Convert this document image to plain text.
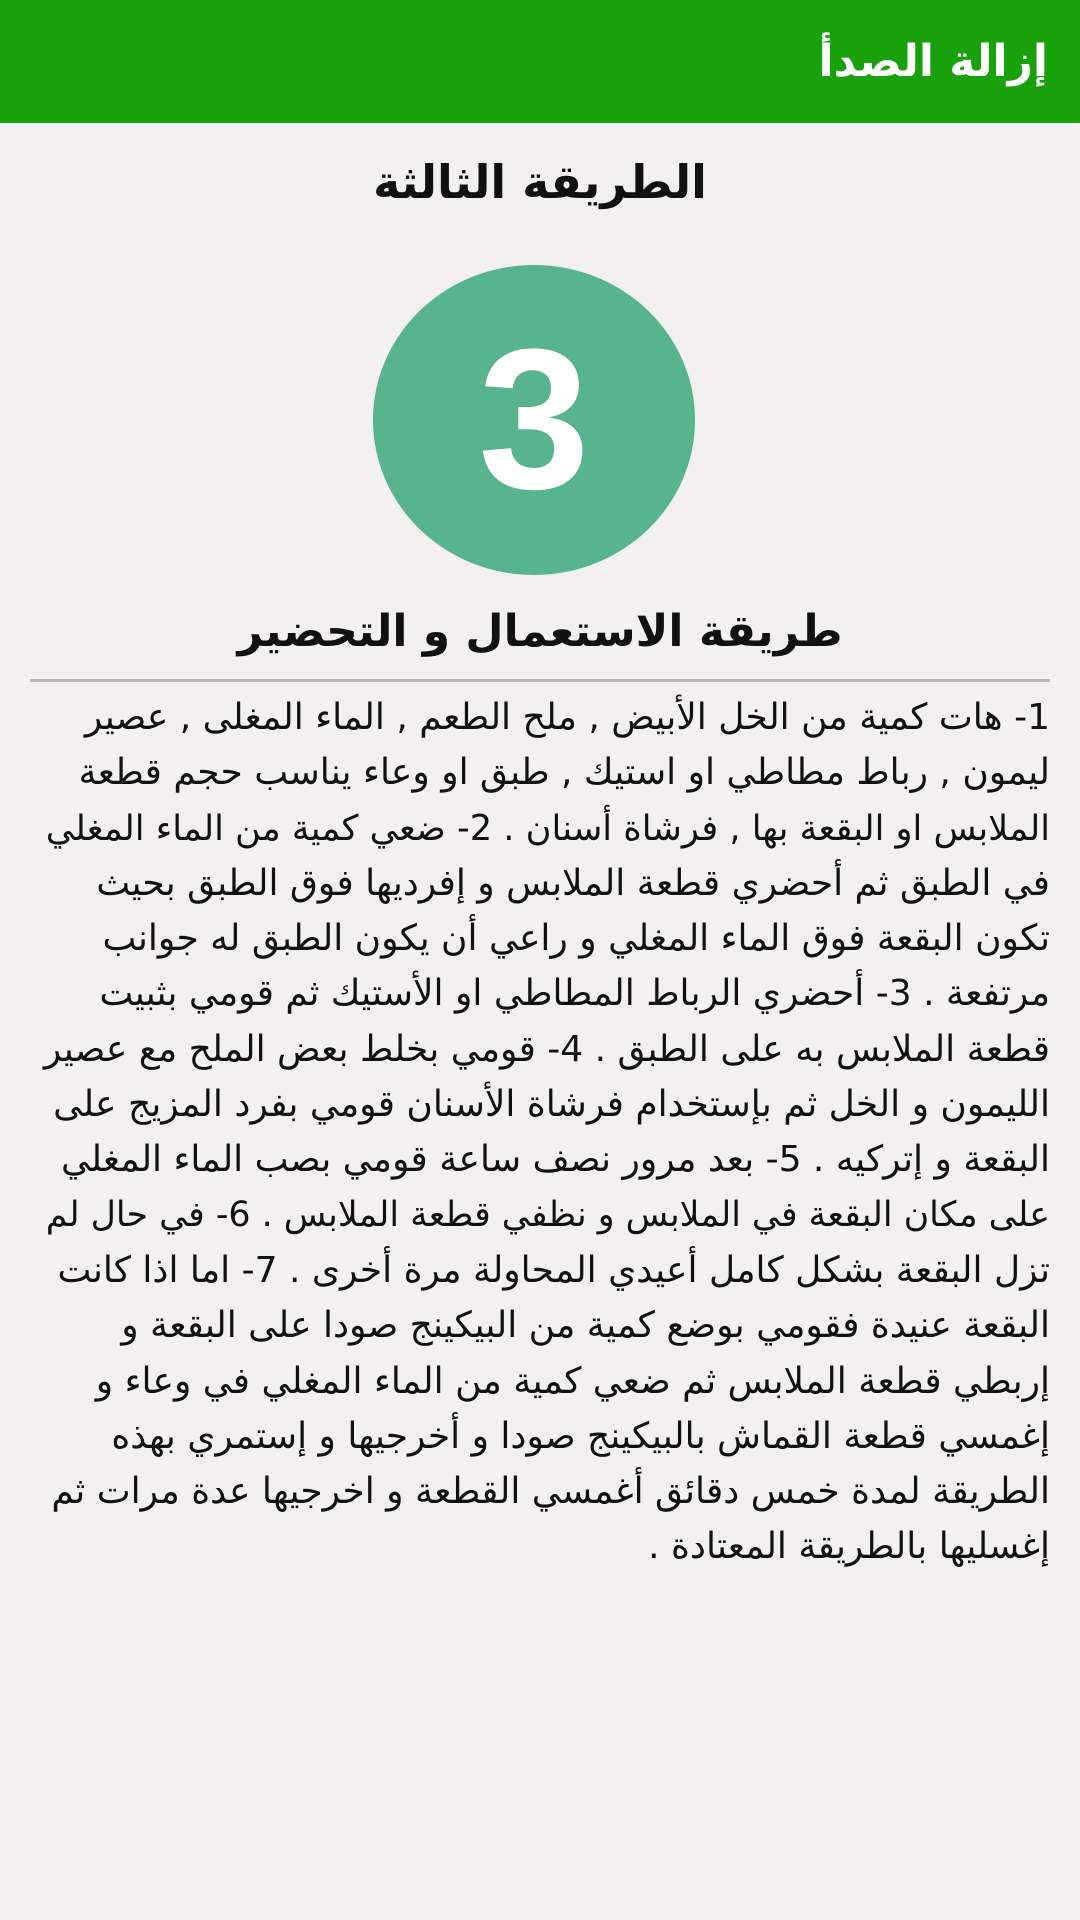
إزالة الصدأ
الطريقة الثالثة
3
طريقة الاستعمال و التحضير
1- هات كمية من الخل الأبيض , ملح الطعم , الماء المغلى , عصير
ليمون , رباط مطاطي او استيك , طبق او وعاء يناسب حجم قطعة
الملابس او البقعة بها , فرشاة أسنان . 2- ضعي كمية من الماء المغلي
في الطبق ثم أحضري قطعة الملابس و إفرديها فوق الطبق بحيث
تكون البقعة فوق الماء المغلي و راعي أن يكون الطبق له جوانب
مرتفعة . 3- أحضري الرباط المطاطي او الأستيك ثم قومي بثبيت
قطعة الملابس به على الطبق . 4- قومي بخلط بعض الملح مع عصير
الليمون و الخل ثم بإستخدام فرشاة الأسنان قومي بفرد المزيج على
البقعة و إتركيه . 5- بعد مرور نصف ساعة قومي بصب الماء المغلي
على مكان البقعة في الملابس و نظفي قطعة الملابس . 6- في حال لم
تزل البقعة بشكل كامل أعيدي المحاولة مرة أخرى . 7- اما اذا كانت
البقعة عنيدة فقومي بوضع كمية من البيكينج صودا على البقعة و
إربطي قطعة الملابس ثم ضعي كمية من الماء المغلي في وعاء و
إغمسي قطعة القماش بالبيكينج صودا و أخرجيها و إستمري بهذه
الطريقة لمدة خمس دقائق أغمسي القطعة و اخرجيها عدة مرات ثم
إغسليها بالطريقة المعتادة .
